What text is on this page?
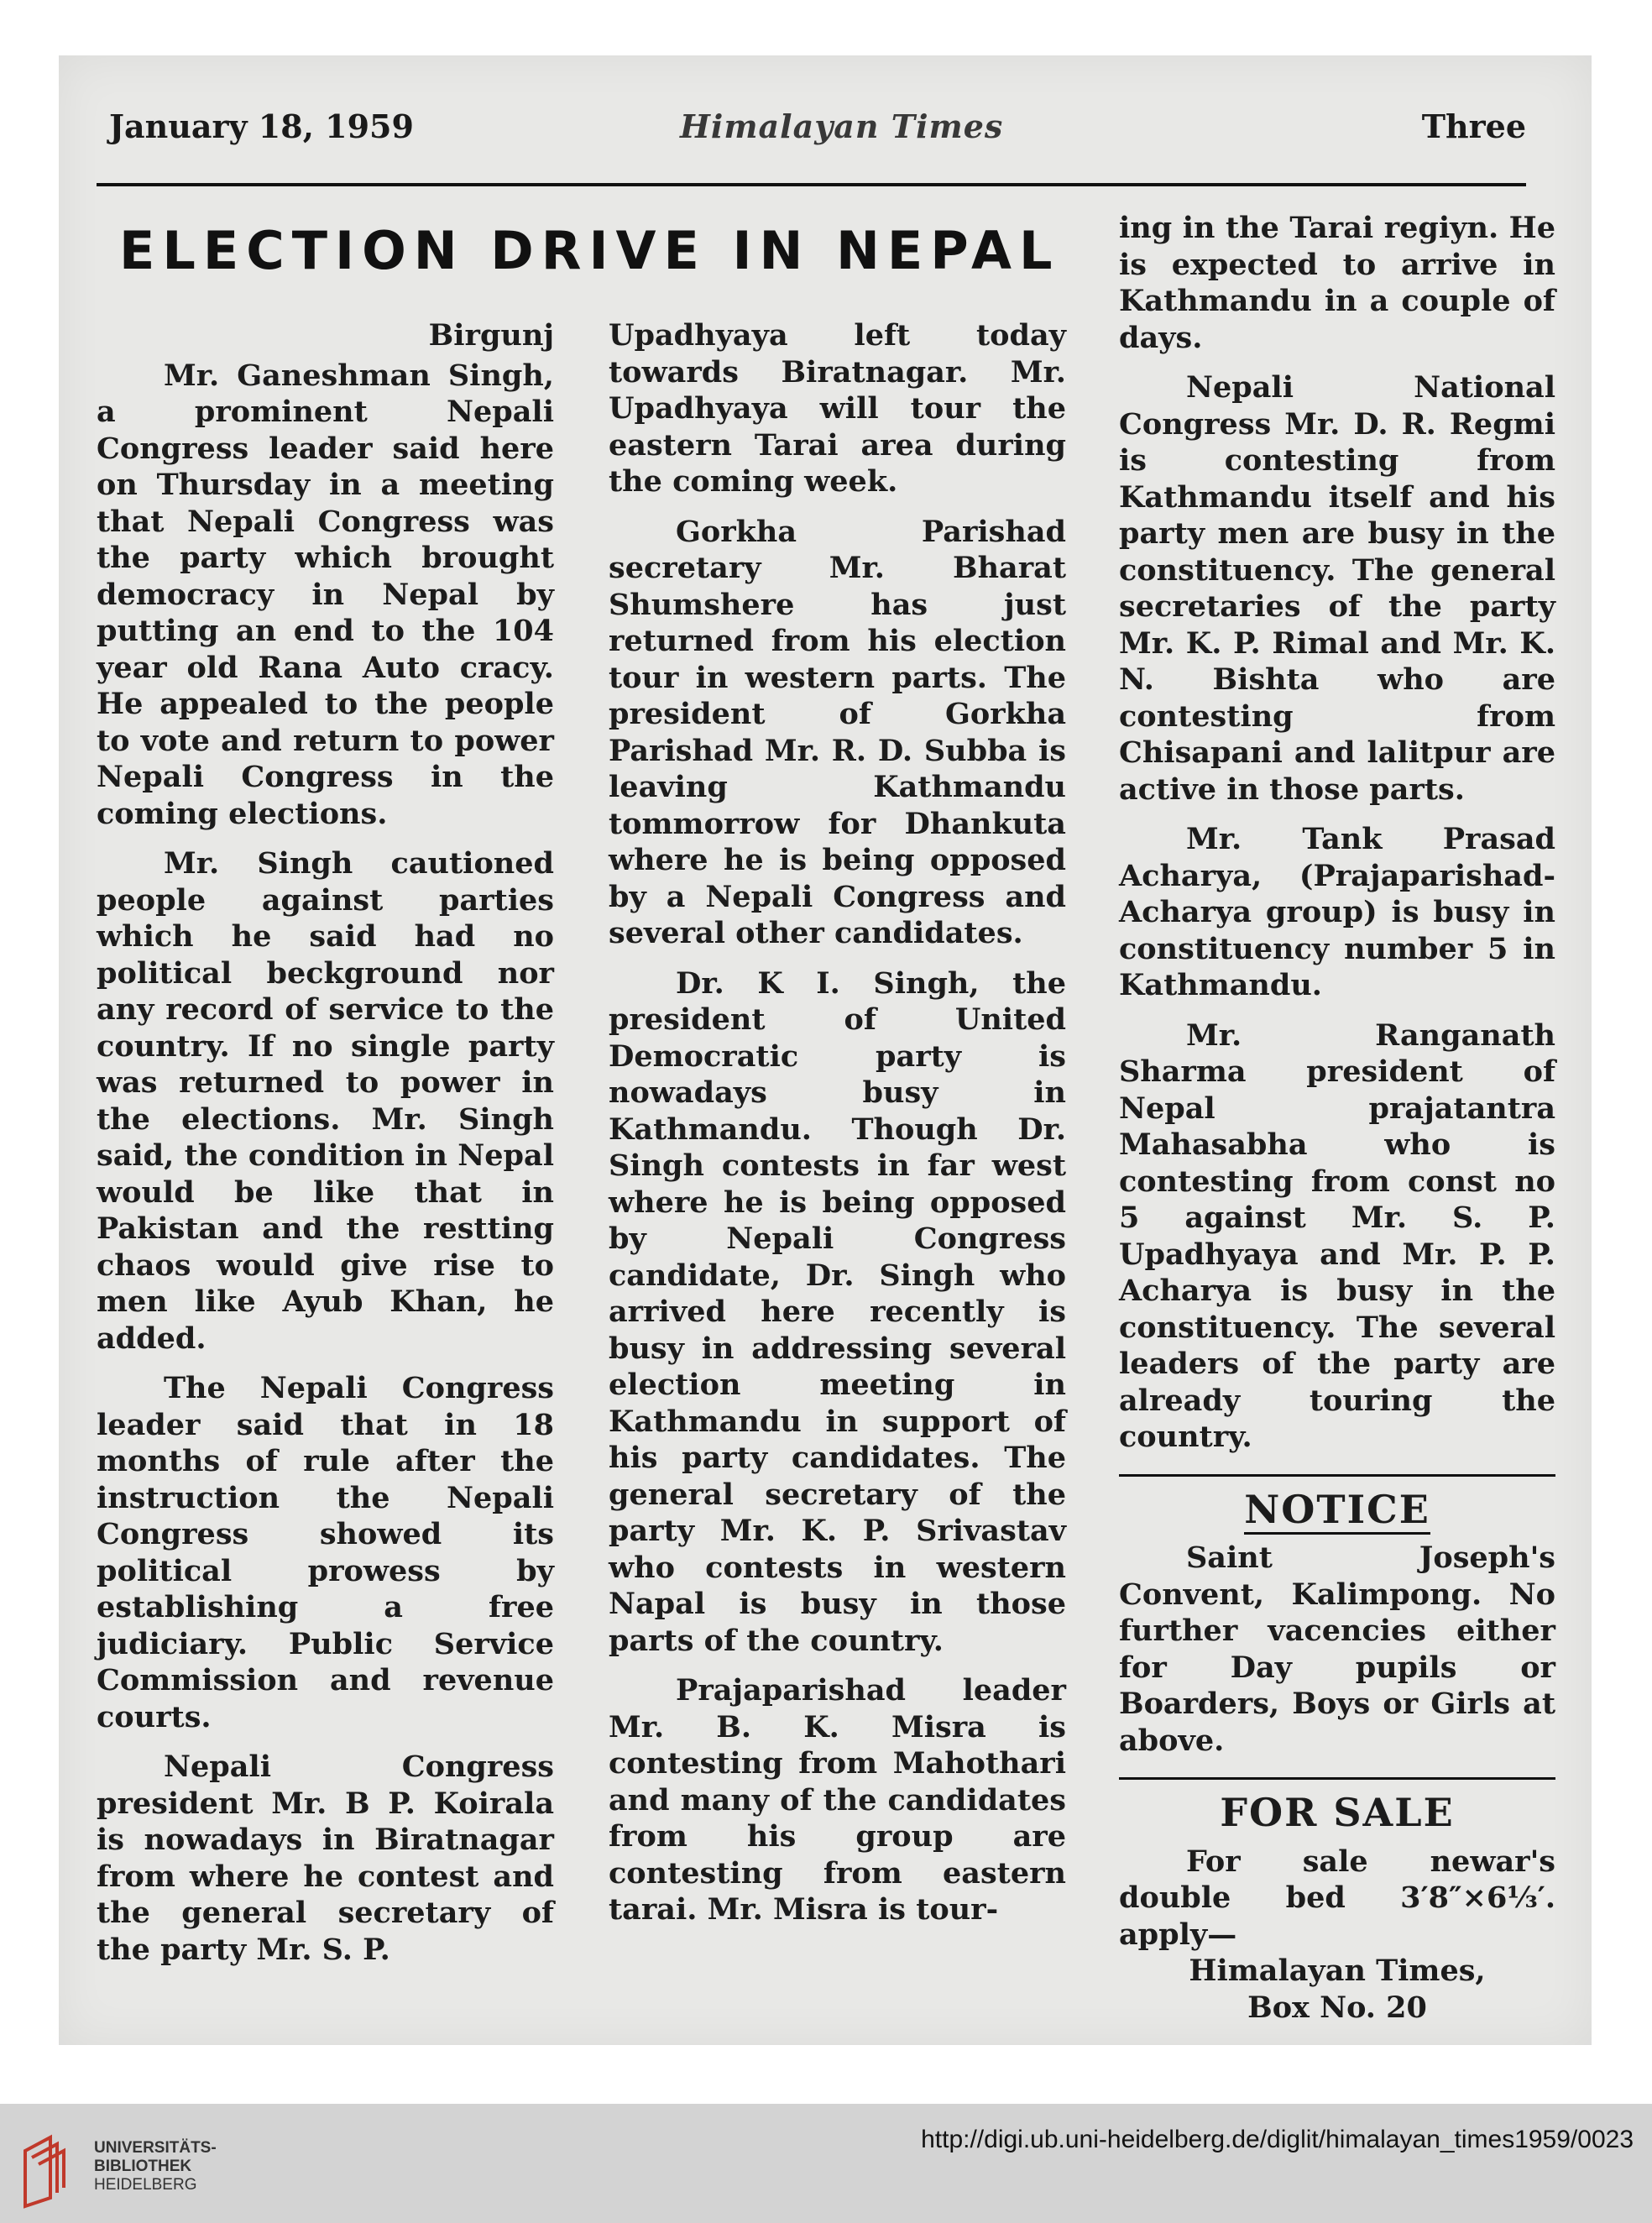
January 18, 1959	Himalayan Times	Three
ELECTION DRIVE IN NEPAL
Birgunj

Mr. Ganeshman Singh, a prominent Nepali Congress leader said here on Thursday in a meeting that Nepali Congress was the party which brought democracy in Nepal by putting an end to the 104 year old Rana Auto cracy. He appealed to the people to vote and return to power Nepali Congress in the coming elections.

Mr. Singh cautioned people against parties which he said had no political beckground nor any record of service to the country. If no single party was returned to power in the elections. Mr. Singh said, the condition in Nepal would be like that in Pakistan and the restting chaos would give rise to men like Ayub Khan, he added.

The Nepali Congress leader said that in 18 months of rule after the instruction the Nepali Congress showed its political prowess by establishing a free judiciary. Public Service Commission and revenue courts.

Nepali Congress president Mr. B P. Koirala is nowadays in Biratnagar from where he contest and the general secretary of the party Mr. S. P.

Upadhyaya left today towards Biratnagar. Mr. Upadhyaya will tour the eastern Tarai area during the coming week.

Gorkha Parishad secretary Mr. Bharat Shumshere has just returned from his election tour in western parts. The president of Gorkha Parishad Mr. R. D. Subba is leaving Kathmandu tommorrow for Dhankuta where he is being opposed by a Nepali Congress and several other candidates.

Dr. K I. Singh, the president of United Democratic party is nowadays busy in Kathmandu. Though Dr. Singh contests in far west where he is being opposed by Nepali Congress candidate, Dr. Singh who arrived here recently is busy in addressing several election meeting in Kathmandu in support of his party candidates. The general secretary of the party Mr. K. P. Srivastav who contests in western Napal is busy in those parts of the country.

Prajaparishad leader Mr. B. K. Misra is contesting from Mahothari and many of the candidates from his group are contesting from eastern tarai. Mr. Misra is tour-

ing in the Tarai regiyn. He is expected to arrive in Kathmandu in a couple of days.

Nepali National Congress Mr. D. R. Regmi is contesting from Kathmandu itself and his party men are busy in the constituency. The general secretaries of the party Mr. K. P. Rimal and Mr. K. N. Bishta who are contesting from Chisapani and lalitpur are active in those parts.

Mr. Tank Prasad Acharya, (Prajaparishad-Acharya group) is busy in constituency number 5 in Kathmandu.

Mr. Ranganath Sharma president of Nepal prajatantra Mahasabha who is contesting from const no 5 against Mr. S. P. Upadhyaya and Mr. P. P. Acharya is busy in the constituency. The several leaders of the party are already touring the country.

NOTICE

Saint Joseph's Convent, Kalimpong. No further vacencies either for Day pupils or Boarders, Boys or Girls at above.

FOR SALE

For sale newar's double bed 3′8″×6⅓′. apply—

Himalayan Times,
Box No. 20
UNIVERSITÄTS-
BIBLIOTHEK
HEIDELBERG
http://digi.ub.uni-heidelberg.de/diglit/himalayan_times1959/0023
